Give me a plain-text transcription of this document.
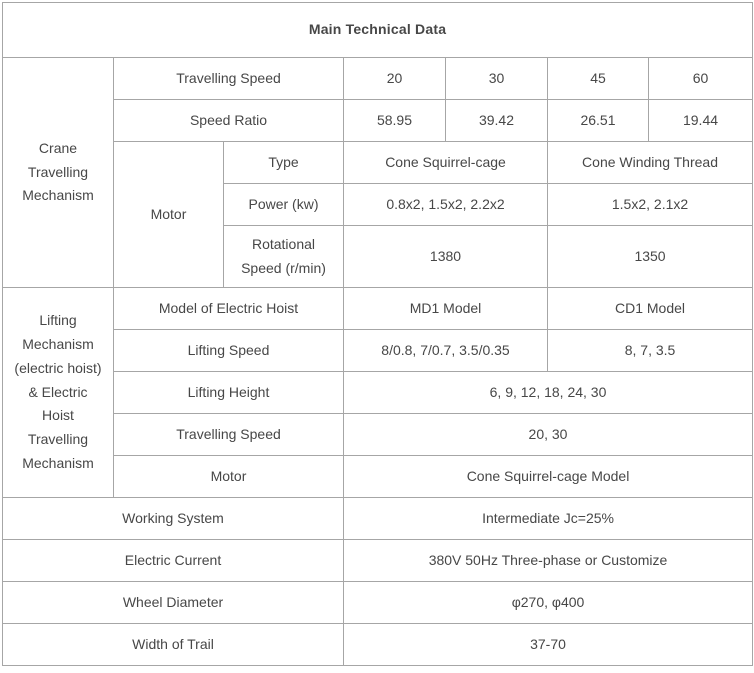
Main Technical Data						
Crane Travelling Mechanism	Travelling Speed		20	30	45	60
	Speed Ratio		58.95	39.42	26.51	19.44
	Motor	Type	Cone Squirrel-cage		Cone Winding Thread	
		Power (kw)	0.8x2, 1.5x2, 2.2x2		1.5x2, 2.1x2	
		Rotational Speed (r/min)	1380		1350	
Lifting Mechanism (electric hoist) & Electric Hoist Travelling Mechanism	Model of Electric Hoist		MD1 Model		CD1 Model	
	Lifting Speed		8/0.8, 7/0.7, 3.5/0.35		8, 7, 3.5	
	Lifting Height		6, 9, 12, 18, 24, 30			
	Travelling Speed		20, 30			
	Motor		Cone Squirrel-cage Model			
Working System			Intermediate Jc=25%			
Electric Current			380V 50Hz Three-phase or Customize			
Wheel Diameter			φ270, φ400			
Width of Trail			37-70			
